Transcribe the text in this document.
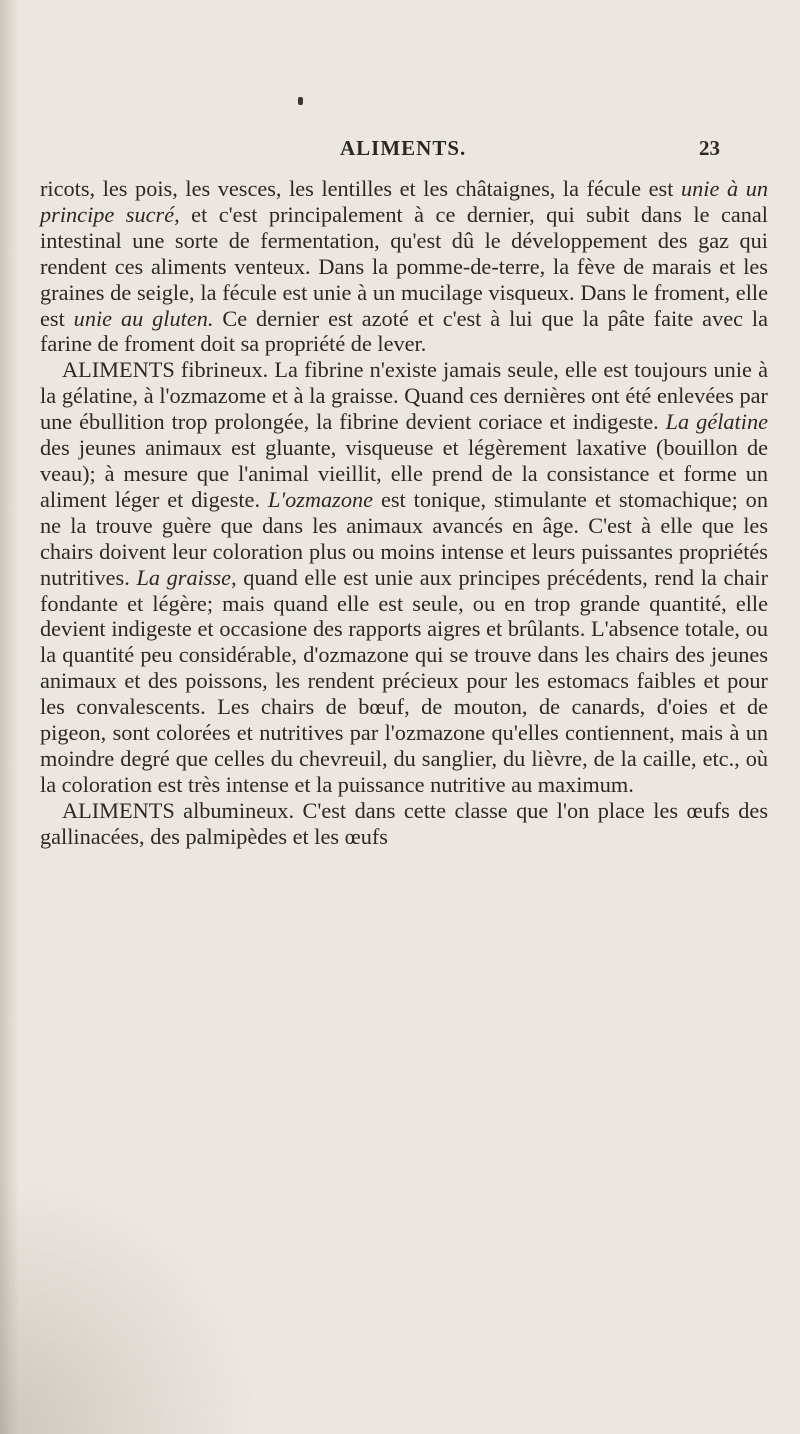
ALIMENTS.	23

ricots, les pois, les vesces, les lentilles et les châtaignes, la fécule est unie à un principe sucré, et c'est principalement à ce dernier, qui subit dans le canal intestinal une sorte de fermentation, qu'est dû le développement des gaz qui rendent ces aliments venteux. Dans la pomme-de-terre, la fève de marais et les graines de seigle, la fécule est unie à un mucilage visqueux. Dans le froment, elle est unie au gluten. Ce dernier est azoté et c'est à lui que la pâte faite avec la farine de froment doit sa propriété de lever.

ALIMENTS fibrineux. La fibrine n'existe jamais seule, elle est toujours unie à la gélatine, à l'ozmazome et à la graisse. Quand ces dernières ont été enlevées par une ébullition trop prolongée, la fibrine devient coriace et indigeste. La gélatine des jeunes animaux est gluante, visqueuse et légèrement laxative (bouillon de veau); à mesure que l'animal vieillit, elle prend de la consistance et forme un aliment léger et digeste. L'ozmazone est tonique, stimulante et stomachique; on ne la trouve guère que dans les animaux avancés en âge. C'est à elle que les chairs doivent leur coloration plus ou moins intense et leurs puissantes propriétés nutritives. La graisse, quand elle est unie aux principes précédents, rend la chair fondante et légère; mais quand elle est seule, ou en trop grande quantité, elle devient indigeste et occasione des rapports aigres et brûlants. L'absence totale, ou la quantité peu considérable, d'ozmazone qui se trouve dans les chairs des jeunes animaux et des poissons, les rendent précieux pour les estomacs faibles et pour les convalescents. Les chairs de bœuf, de mouton, de canards, d'oies et de pigeon, sont colorées et nutritives par l'ozmazone qu'elles contiennent, mais à un moindre degré que celles du chevreuil, du sanglier, du lièvre, de la caille, etc., où la coloration est très intense et la puissance nutritive au maximum.

ALIMENTS albumineux. C'est dans cette classe que l'on place les œufs des gallinacées, des palmipèdes et les œufs
